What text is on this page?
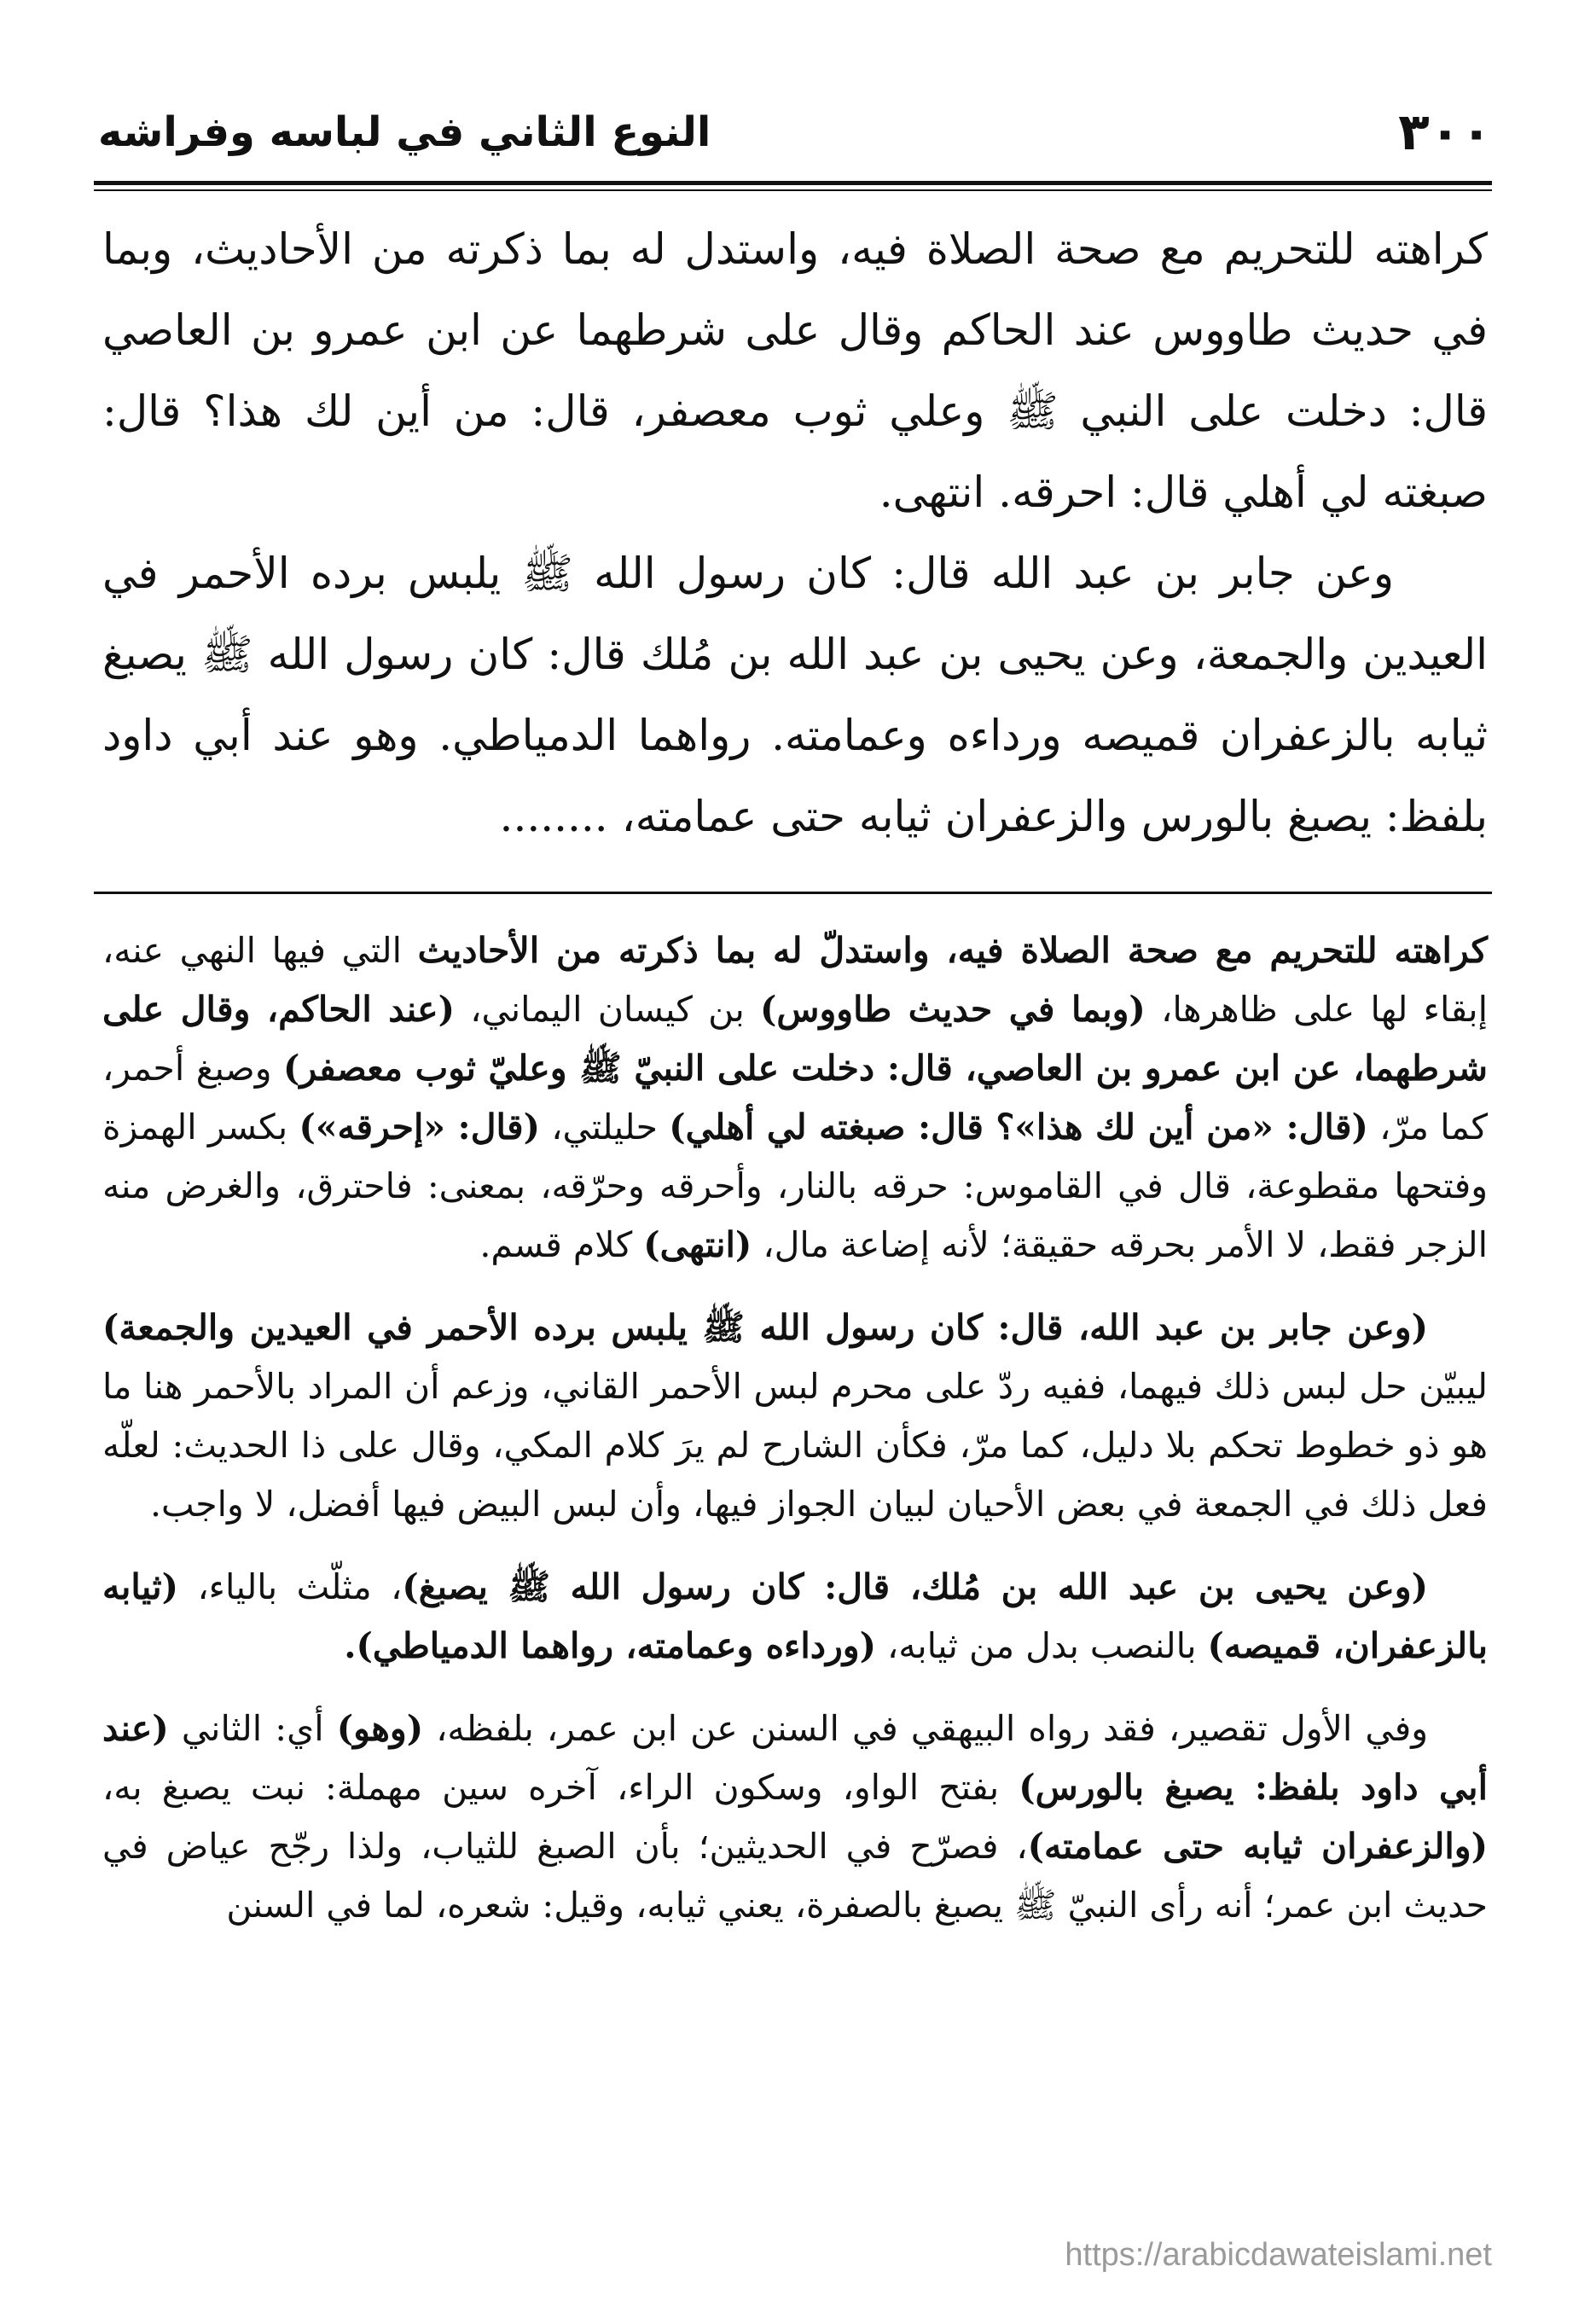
٣٠٠
النوع الثاني في لباسه وفراشه

كراهته للتحريم مع صحة الصلاة فيه، واستدل له بما ذكرته من الأحاديث، وبما في حديث طاووس عند الحاكم وقال على شرطهما عن ابن عمرو بن العاصي قال: دخلت على النبي ﷺ وعلي ثوب معصفر، قال: من أين لك هذا؟ قال: صبغته لي أهلي قال: احرقه. انتهى.

وعن جابر بن عبد الله قال: كان رسول الله ﷺ يلبس برده الأحمر في العيدين والجمعة، وعن يحيى بن عبد الله بن مُلك قال: كان رسول الله ﷺ يصبغ ثيابه بالزعفران قميصه ورداءه وعمامته. رواهما الدمياطي. وهو عند أبي داود بلفظ: يصبغ بالورس والزعفران ثيابه حتى عمامته، ........

كراهته للتحريم مع صحة الصلاة فيه، واستدلّ له بما ذكرته من الأحاديث التي فيها النهي عنه، إبقاء لها على ظاهرها، (وبما في حديث طاووس) بن كيسان اليماني، (عند الحاكم، وقال على شرطهما، عن ابن عمرو بن العاصي، قال: دخلت على النبيّ ﷺ وعليّ ثوب معصفر) وصبغ أحمر، كما مرّ، (قال: «من أين لك هذا»؟ قال: صبغته لي أهلي) حليلتي، (قال: «إحرقه») بكسر الهمزة وفتحها مقطوعة، قال في القاموس: حرقه بالنار، وأحرقه وحرّقه، بمعنى: فاحترق، والغرض منه الزجر فقط، لا الأمر بحرقه حقيقة؛ لأنه إضاعة مال، (انتهى) كلام قسم.

(وعن جابر بن عبد الله، قال: كان رسول الله ﷺ يلبس برده الأحمر في العيدين والجمعة) ليبيّن حل لبس ذلك فيهما، ففيه ردّ على محرم لبس الأحمر القاني، وزعم أن المراد بالأحمر هنا ما هو ذو خطوط تحكم بلا دليل، كما مرّ، فكأن الشارح لم يرَ كلام المكي، وقال على ذا الحديث: لعلّه فعل ذلك في الجمعة في بعض الأحيان لبيان الجواز فيها، وأن لبس البيض فيها أفضل، لا واجب.

(وعن يحيى بن عبد الله بن مُلك، قال: كان رسول الله ﷺ يصبغ)، مثلّث بالياء، (ثيابه بالزعفران، قميصه) بالنصب بدل من ثيابه، (ورداءه وعمامته، رواهما الدمياطي).

وفي الأول تقصير، فقد رواه البيهقي في السنن عن ابن عمر، بلفظه، (وهو) أي: الثاني (عند أبي داود بلفظ: يصبغ بالورس) بفتح الواو، وسكون الراء، آخره سين مهملة: نبت يصبغ به، (والزعفران ثيابه حتى عمامته)، فصرّح في الحديثين؛ بأن الصبغ للثياب، ولذا رجّح عياض في حديث ابن عمر؛ أنه رأى النبيّ ﷺ يصبغ بالصفرة، يعني ثيابه، وقيل: شعره، لما في السنن

https://arabicdawateislami.net
